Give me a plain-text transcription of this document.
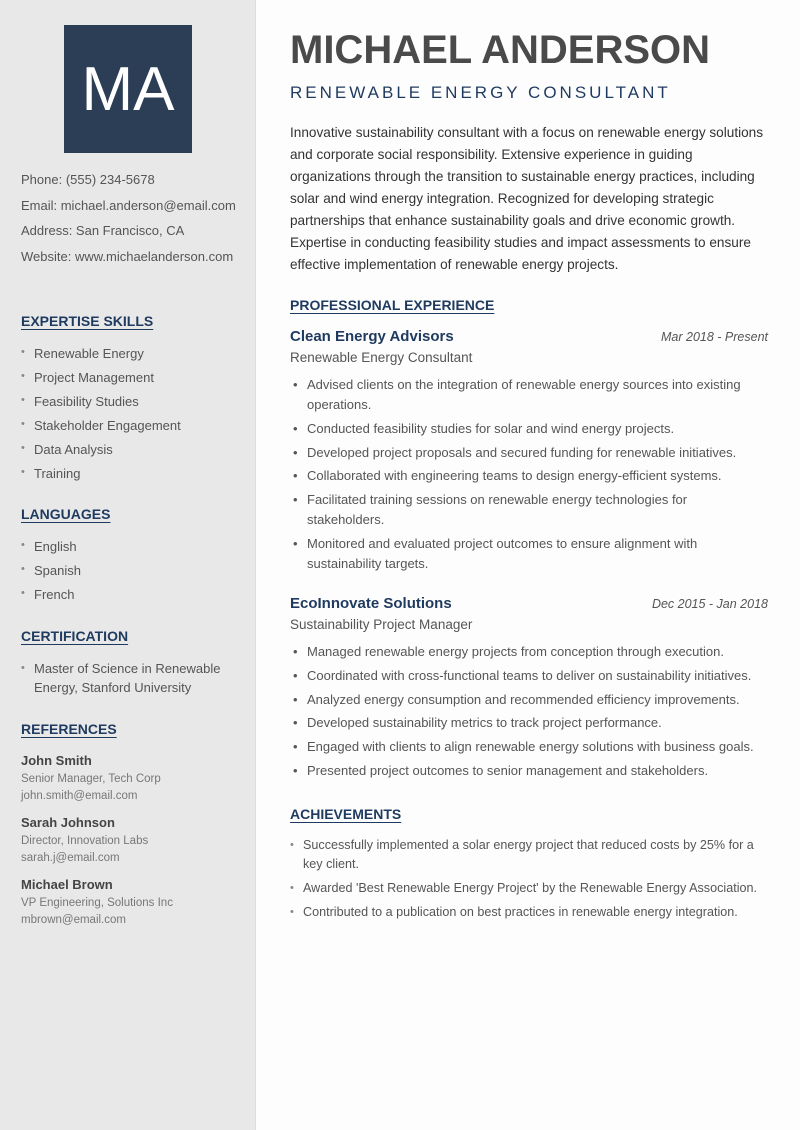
MA
Phone: (555) 234-5678
Email: michael.anderson@email.com
Address: San Francisco, CA
Website: www.michaelanderson.com
EXPERTISE SKILLS
• Renewable Energy
• Project Management
• Feasibility Studies
• Stakeholder Engagement
• Data Analysis
• Training
LANGUAGES
• English
• Spanish
• French
CERTIFICATION
• Master of Science in Renewable Energy, Stanford University
REFERENCES
John Smith
Senior Manager, Tech Corp
john.smith@email.com
Sarah Johnson
Director, Innovation Labs
sarah.j@email.com
Michael Brown
VP Engineering, Solutions Inc
mbrown@email.com
MICHAEL ANDERSON
RENEWABLE ENERGY CONSULTANT
Innovative sustainability consultant with a focus on renewable energy solutions and corporate social responsibility. Extensive experience in guiding organizations through the transition to sustainable energy practices, including solar and wind energy integration. Recognized for developing strategic partnerships that enhance sustainability goals and drive economic growth. Expertise in conducting feasibility studies and impact assessments to ensure effective implementation of renewable energy projects.
PROFESSIONAL EXPERIENCE
Clean Energy Advisors	Mar 2018 - Present
Renewable Energy Consultant
• Advised clients on the integration of renewable energy sources into existing operations.
• Conducted feasibility studies for solar and wind energy projects.
• Developed project proposals and secured funding for renewable initiatives.
• Collaborated with engineering teams to design energy-efficient systems.
• Facilitated training sessions on renewable energy technologies for stakeholders.
• Monitored and evaluated project outcomes to ensure alignment with sustainability targets.
EcoInnovate Solutions	Dec 2015 - Jan 2018
Sustainability Project Manager
• Managed renewable energy projects from conception through execution.
• Coordinated with cross-functional teams to deliver on sustainability initiatives.
• Analyzed energy consumption and recommended efficiency improvements.
• Developed sustainability metrics to track project performance.
• Engaged with clients to align renewable energy solutions with business goals.
• Presented project outcomes to senior management and stakeholders.
ACHIEVEMENTS
• Successfully implemented a solar energy project that reduced costs by 25% for a key client.
• Awarded 'Best Renewable Energy Project' by the Renewable Energy Association.
• Contributed to a publication on best practices in renewable energy integration.
